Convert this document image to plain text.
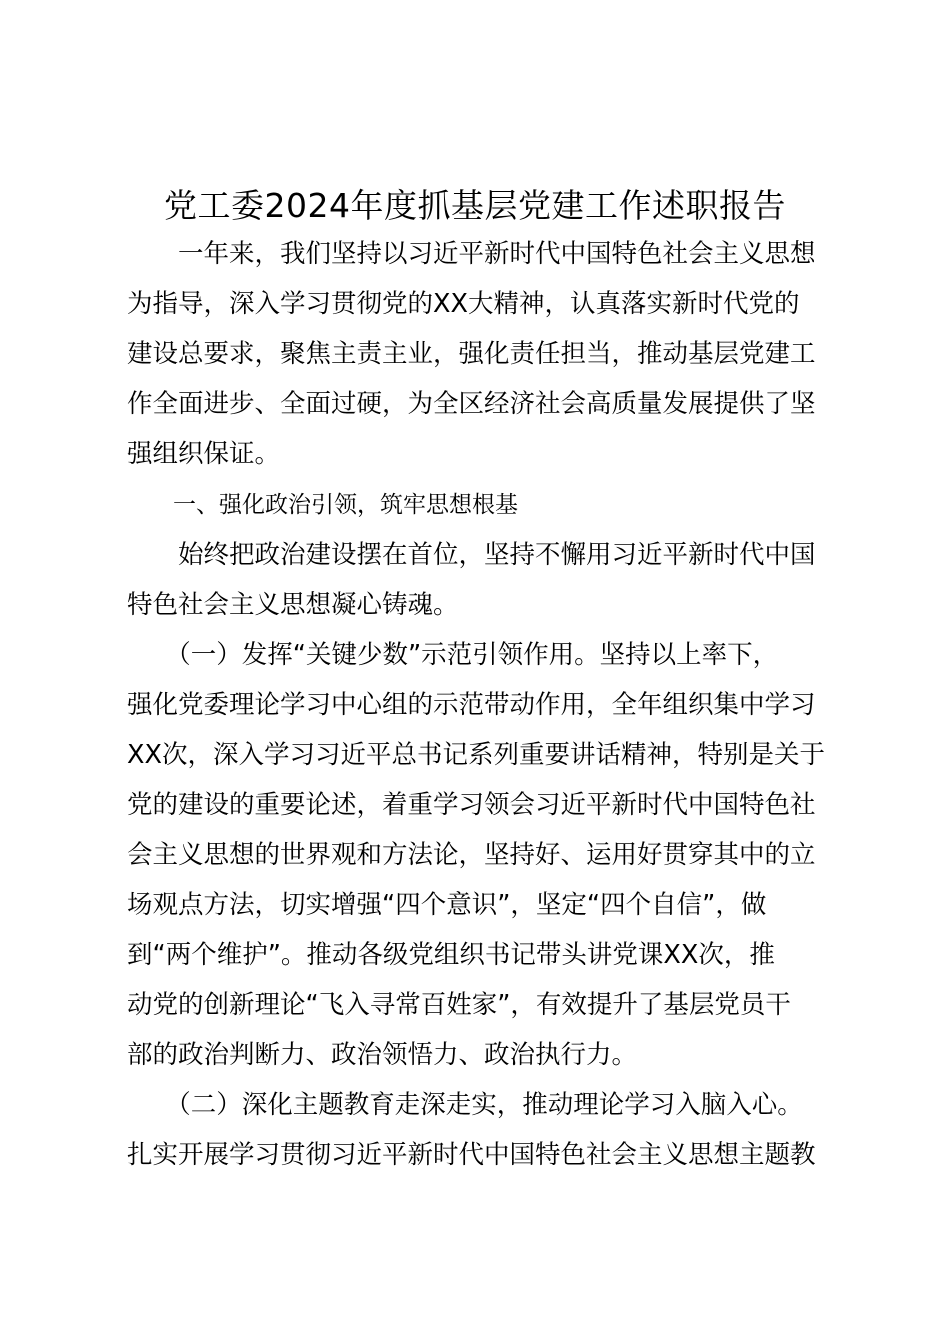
党工委2024年度抓基层党建工作述职报告
　　一年来，我们坚持以习近平新时代中国特色社会主义思想
为指导，深入学习贯彻党的XX大精神，认真落实新时代党的
建设总要求，聚焦主责主业，强化责任担当，推动基层党建工
作全面进步、全面过硬，为全区经济社会高质量发展提供了坚
强组织保证。
　　一、强化政治引领，筑牢思想根基
　　始终把政治建设摆在首位，坚持不懈用习近平新时代中国
特色社会主义思想凝心铸魂。
　　（一）发挥“关键少数”示范引领作用。坚持以上率下，
强化党委理论学习中心组的示范带动作用，全年组织集中学习
XX次，深入学习习近平总书记系列重要讲话精神，特别是关于
党的建设的重要论述，着重学习领会习近平新时代中国特色社
会主义思想的世界观和方法论，坚持好、运用好贯穿其中的立
场观点方法，切实增强“四个意识”，坚定“四个自信”，做
到“两个维护”。推动各级党组织书记带头讲党课XX次，推
动党的创新理论“飞入寻常百姓家”，有效提升了基层党员干
部的政治判断力、政治领悟力、政治执行力。
　　（二）深化主题教育走深走实，推动理论学习入脑入心。
扎实开展学习贯彻习近平新时代中国特色社会主义思想主题教
